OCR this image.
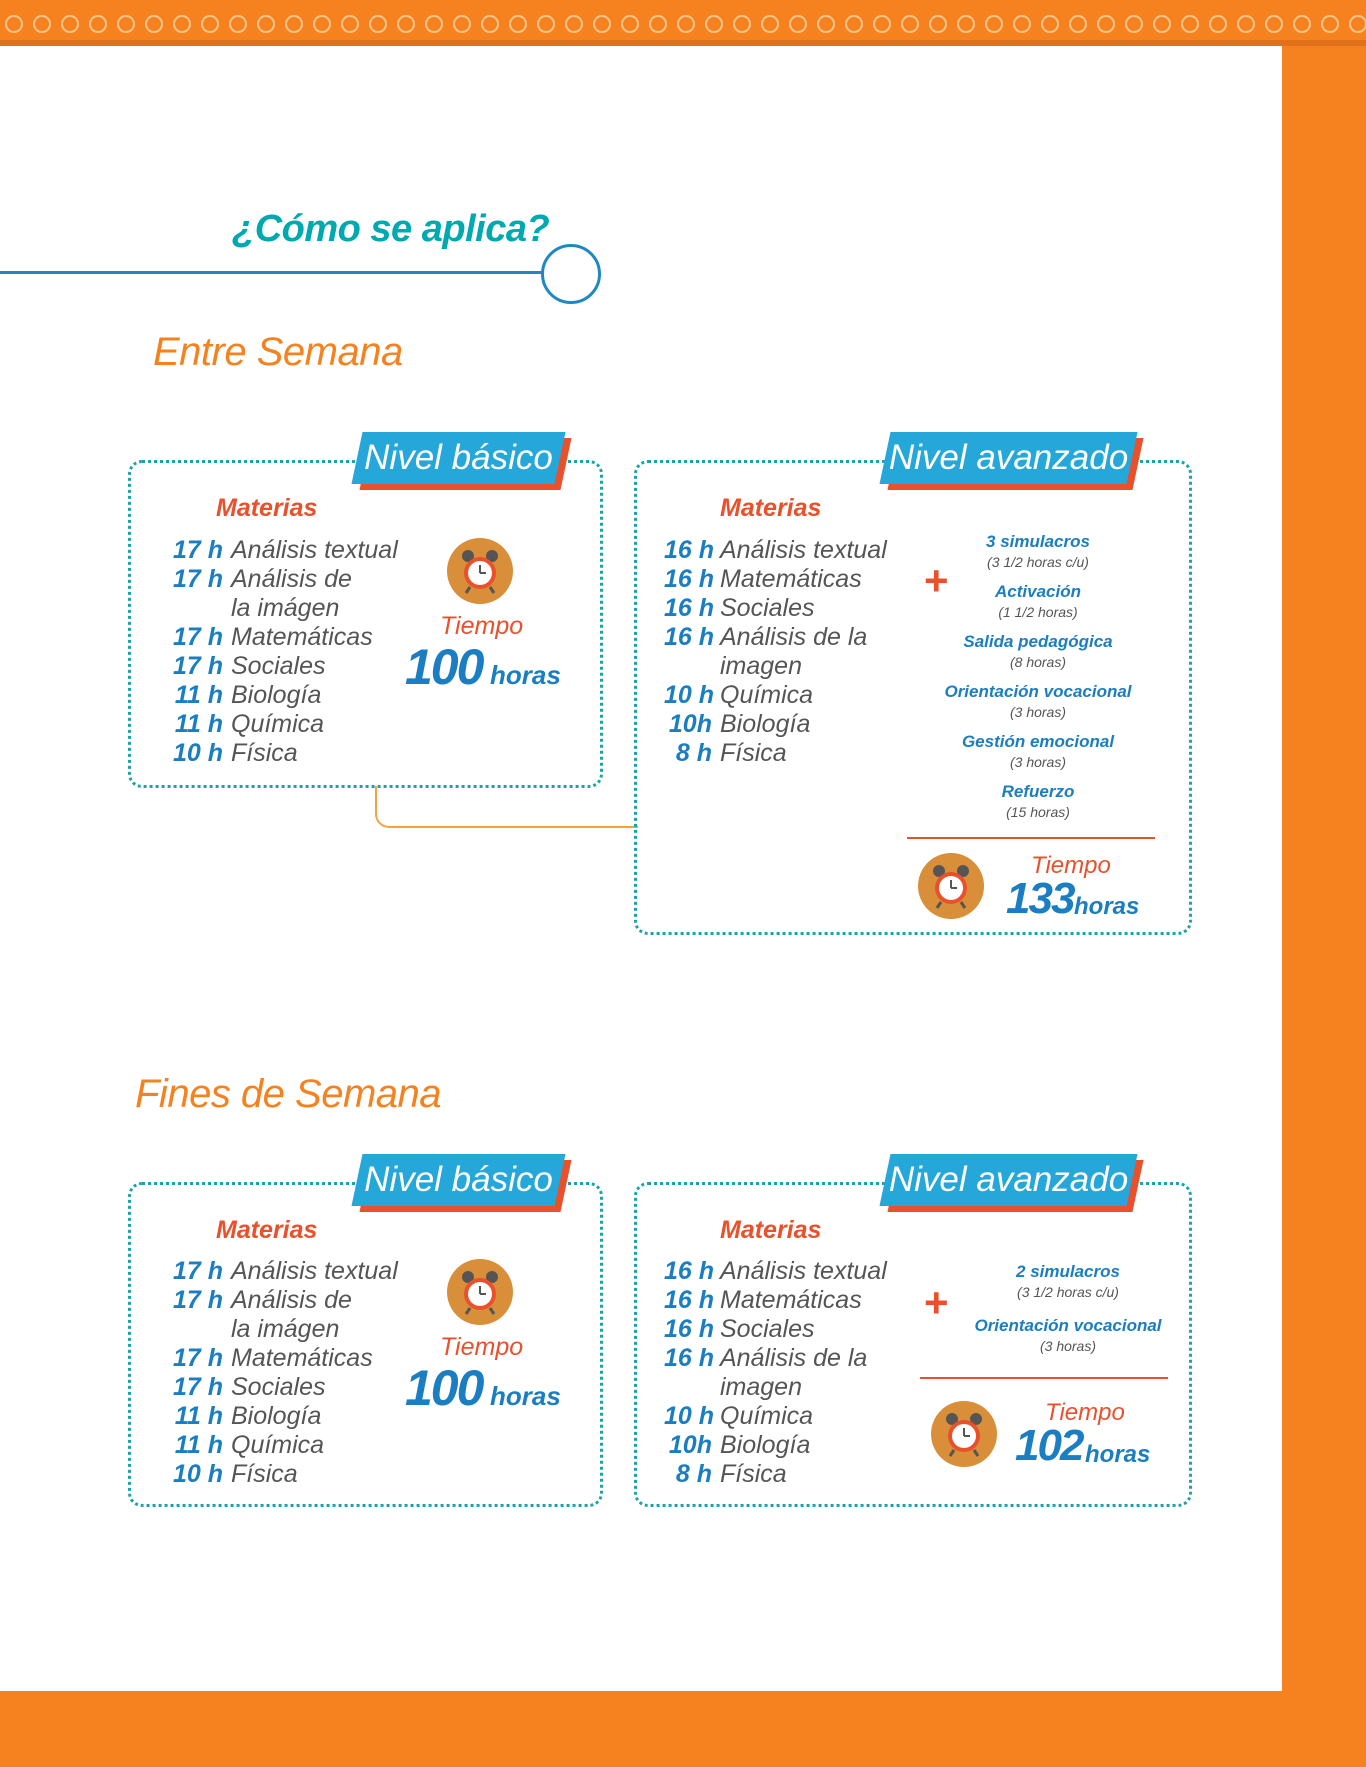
¿Cómo se aplica?
Entre Semana
Nivel básico
Materias
17 h Análisis textual
17 h Análisis de
la imágen
17 h Matemáticas
17 h Sociales
11 h Biología
11 h Química
10 h Física
Tiempo
100 horas
Nivel avanzado
Materias
16 h Análisis textual
16 h Matemáticas
16 h Sociales
16 h Análisis de la
imagen
10 h Química
10h Biología
8 h Física
+
3 simulacros
(3 1/2 horas c/u)
Activación
(1 1/2 horas)
Salida pedagógica
(8 horas)
Orientación vocacional
(3 horas)
Gestión emocional
(3 horas)
Refuerzo
(15 horas)
Tiempo
133 horas
Fines de Semana
Nivel básico
Materias
17 h Análisis textual
17 h Análisis de
la imágen
17 h Matemáticas
17 h Sociales
11 h Biología
11 h Química
10 h Física
Tiempo
100 horas
Nivel avanzado
Materias
16 h Análisis textual
16 h Matemáticas
16 h Sociales
16 h Análisis de la
imagen
10 h Química
10h Biología
8 h Física
+
2 simulacros
(3 1/2 horas c/u)
Orientación vocacional
(3 horas)
Tiempo
102 horas
